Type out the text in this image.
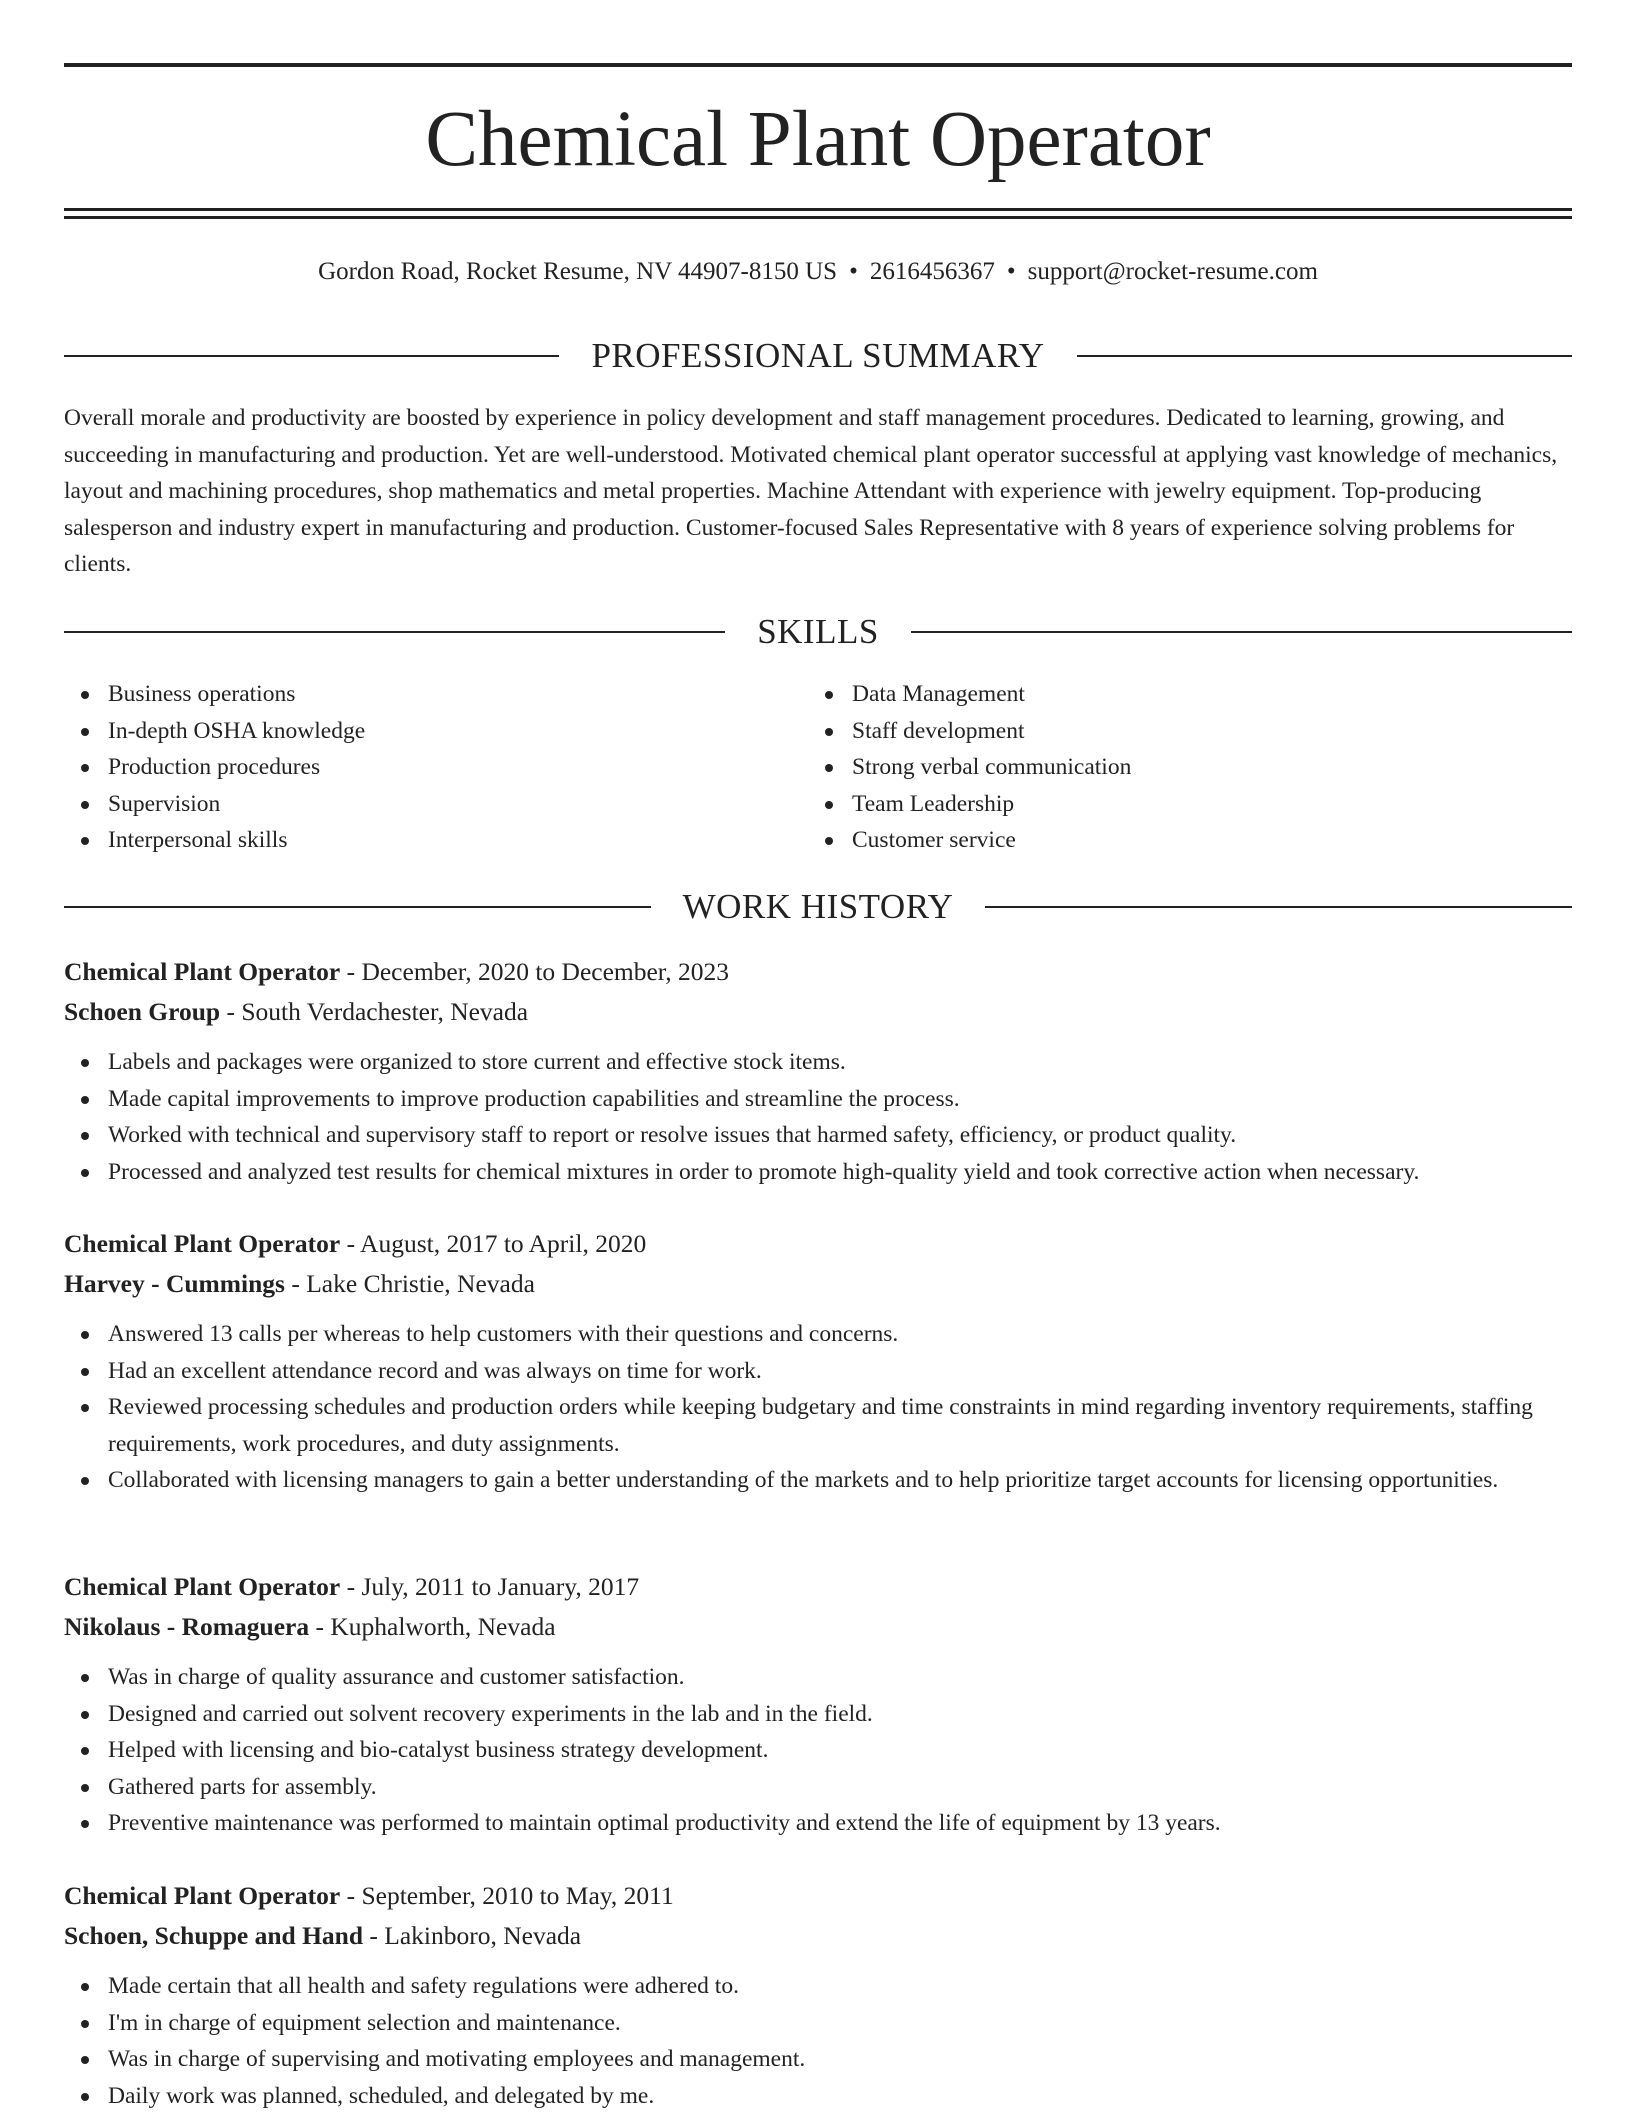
Chemical Plant Operator
Gordon Road, Rocket Resume, NV 44907-8150 US • 2616456367 • support@rocket-resume.com
PROFESSIONAL SUMMARY

Overall morale and productivity are boosted by experience in policy development and staff management procedures. Dedicated to learning, growing, and succeeding in manufacturing and production. Yet are well-understood. Motivated chemical plant operator successful at applying vast knowledge of mechanics, layout and machining procedures, shop mathematics and metal properties. Machine Attendant with experience with jewelry equipment. Top-producing salesperson and industry expert in manufacturing and production. Customer-focused Sales Representative with 8 years of experience solving problems for clients.

SKILLS
Business operations
In-depth OSHA knowledge
Production procedures
Supervision
Interpersonal skills
Data Management
Staff development
Strong verbal communication
Team Leadership
Customer service
WORK HISTORY
Chemical Plant Operator - December, 2020 to December, 2023
Schoen Group - South Verdachester, Nevada
Labels and packages were organized to store current and effective stock items.
Made capital improvements to improve production capabilities and streamline the process.
Worked with technical and supervisory staff to report or resolve issues that harmed safety, efficiency, or product quality.
Processed and analyzed test results for chemical mixtures in order to promote high-quality yield and took corrective action when necessary.
Chemical Plant Operator - August, 2017 to April, 2020
Harvey - Cummings - Lake Christie, Nevada
Answered 13 calls per whereas to help customers with their questions and concerns.
Had an excellent attendance record and was always on time for work.
Reviewed processing schedules and production orders while keeping budgetary and time constraints in mind regarding inventory requirements, staffing requirements, work procedures, and duty assignments.
Collaborated with licensing managers to gain a better understanding of the markets and to help prioritize target accounts for licensing opportunities.
Chemical Plant Operator - July, 2011 to January, 2017
Nikolaus - Romaguera - Kuphalworth, Nevada
Was in charge of quality assurance and customer satisfaction.
Designed and carried out solvent recovery experiments in the lab and in the field.
Helped with licensing and bio-catalyst business strategy development.
Gathered parts for assembly.
Preventive maintenance was performed to maintain optimal productivity and extend the life of equipment by 13 years.
Chemical Plant Operator - September, 2010 to May, 2011
Schoen, Schuppe and Hand - Lakinboro, Nevada
Made certain that all health and safety regulations were adhered to.
I'm in charge of equipment selection and maintenance.
Was in charge of supervising and motivating employees and management.
Daily work was planned, scheduled, and delegated by me.
